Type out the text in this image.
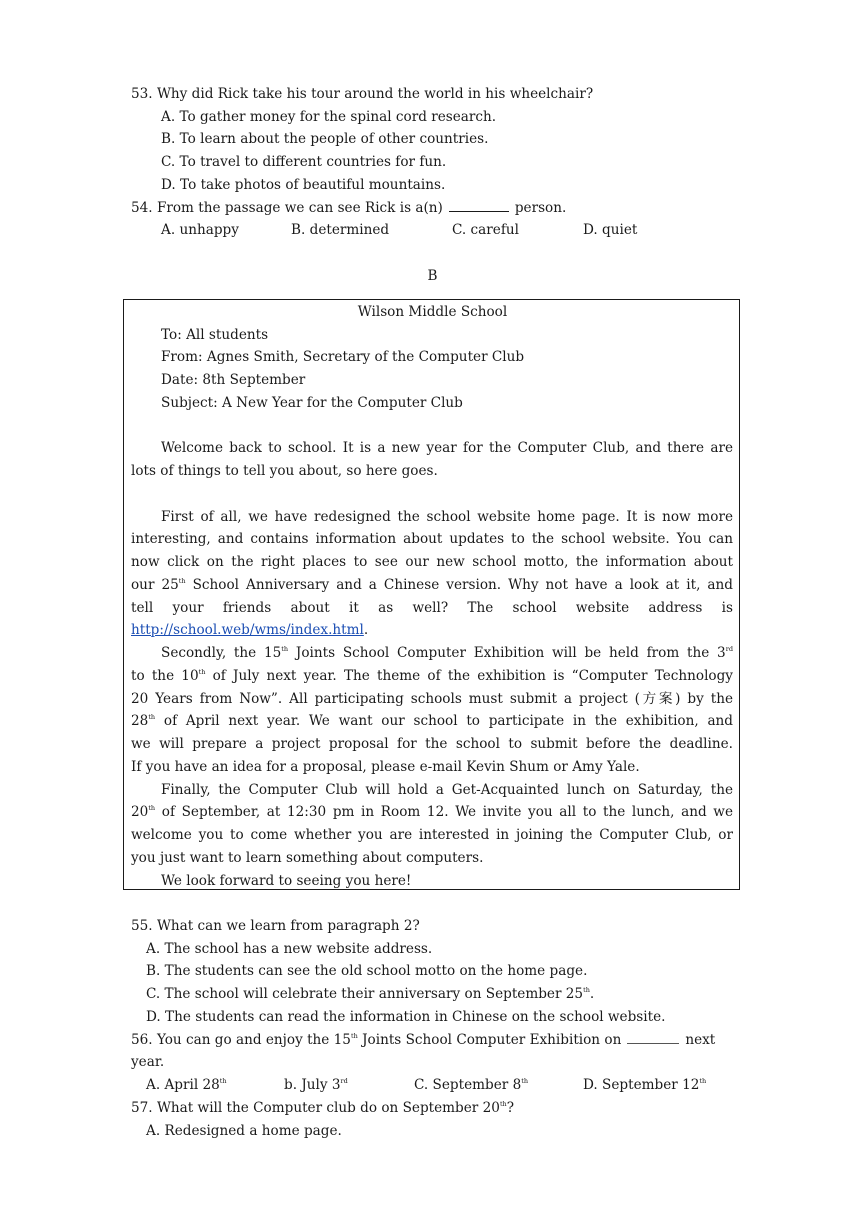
53. Why did Rick take his tour around the world in his wheelchair?
A. To gather money for the spinal cord research.
B. To learn about the people of other countries.
C. To travel to different countries for fun.
D. To take photos of beautiful mountains.
54. From the passage we can see Rick is a(n)	person.
A. unhappy	B. determined	C. careful	D. quiet
B
Wilson Middle School
To: All students
From: Agnes Smith, Secretary of the Computer Club
Date: 8th September
Subject: A New Year for the Computer Club
Welcome back to school. It is a new year for the Computer Club, and there are
lots of things to tell you about, so here goes.
First of all, we have redesigned the school website home page. It is now more
interesting, and contains information about updates to the school website. You can
now click on the right places to see our new school motto, the information about
our 25th School Anniversary and a Chinese version. Why not have a look at it, and
tell your friends about it as well? The school website address is
http://school.web/wms/index.html.
Secondly, the 15th Joints School Computer Exhibition will be held from the 3rd
to the 10th of July next year. The theme of the exhibition is “Computer Technology
20 Years from Now”. All participating schools must submit a project (方案) by the
28th of April next year. We want our school to participate in the exhibition, and
we will prepare a project proposal for the school to submit before the deadline.
If you have an idea for a proposal, please e-mail Kevin Shum or Amy Yale.
Finally, the Computer Club will hold a Get-Acquainted lunch on Saturday, the
20th of September, at 12:30 pm in Room 12. We invite you all to the lunch, and we
welcome you to come whether you are interested in joining the Computer Club, or
you just want to learn something about computers.
We look forward to seeing you here!
55. What can we learn from paragraph 2?
A. The school has a new website address.
B. The students can see the old school motto on the home page.
C. The school will celebrate their anniversary on September 25th.
D. The students can read the information in Chinese on the school website.
56. You can go and enjoy the 15th Joints School Computer Exhibition on	next
year.
A. April 28th	b. July 3rd	C. September 8th	D. September 12th
57. What will the Computer club do on September 20th?
A. Redesigned a home page.
